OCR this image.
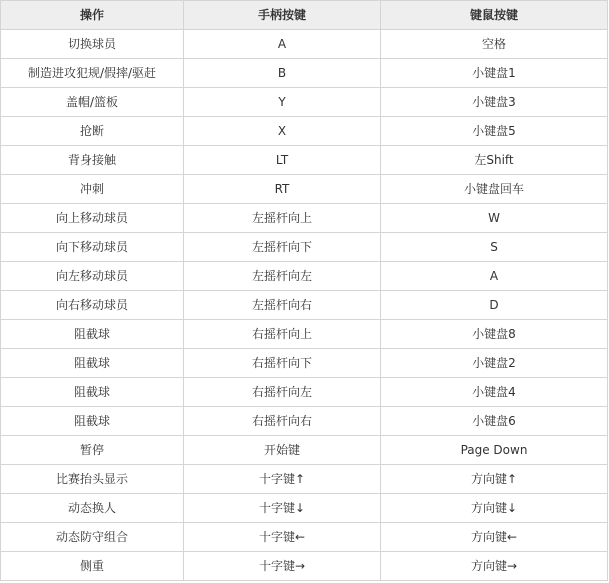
操作	手柄按键	键鼠按键
切换球员	A	空格
制造进攻犯规/假摔/驱赶	B	小键盘1
盖帽/篮板	Y	小键盘3
抢断	X	小键盘5
背身接触	LT	左Shift
冲刺	RT	小键盘回车
向上移动球员	左摇杆向上	W
向下移动球员	左摇杆向下	S
向左移动球员	左摇杆向左	A
向右移动球员	左摇杆向右	D
阻截球	右摇杆向上	小键盘8
阻截球	右摇杆向下	小键盘2
阻截球	右摇杆向左	小键盘4
阻截球	右摇杆向右	小键盘6
暂停	开始键	Page Down
比赛抬头显示	十字键↑	方向键↑
动态换人	十字键↓	方向键↓
动态防守组合	十字键←	方向键←
侧重	十字键→	方向键→
